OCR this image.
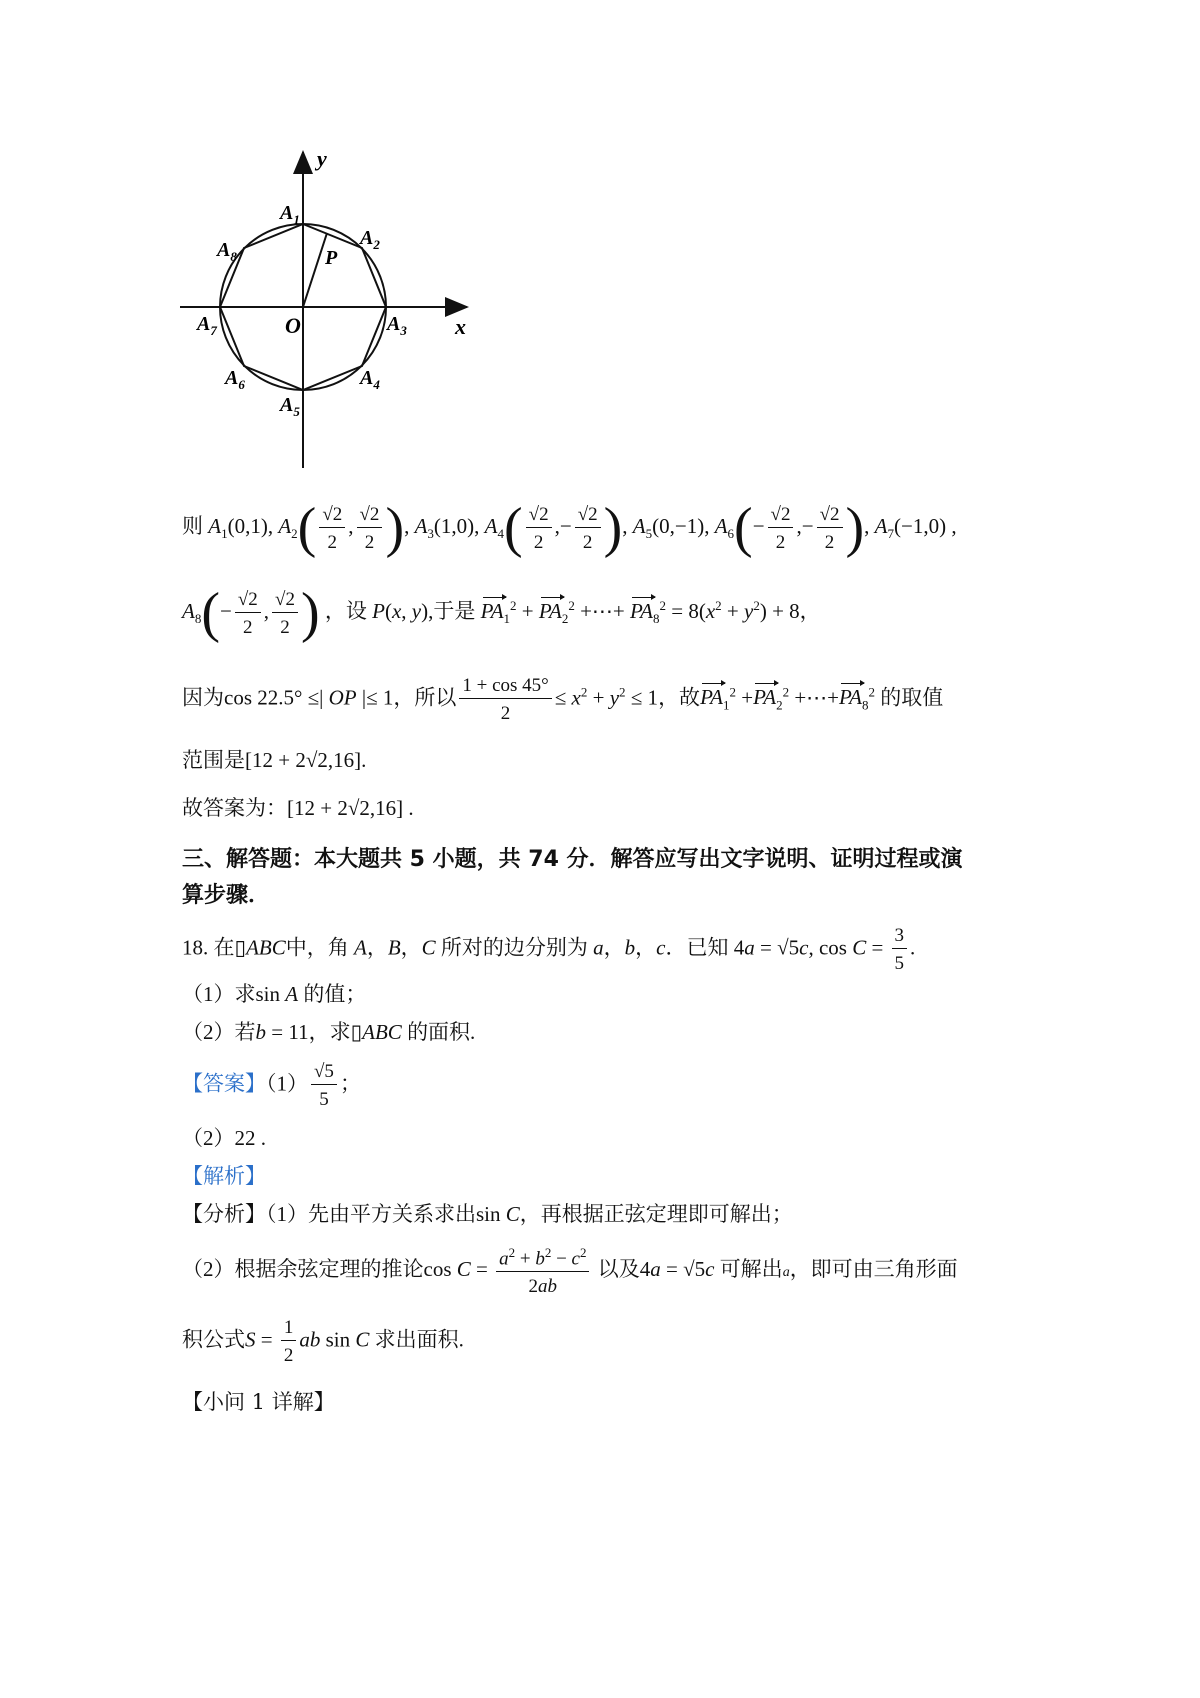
y
x
O
P
$A_1$
$A_2$
$A_3$
$A_4$
$A_5$
$A_6$
$A_7$
$A_8$
则 $A_1(0,1)$, $A_2( \frac{√2}{2}$ , $\frac{√2}{2}$ ), $A_3(1,0)$, $A_4( \frac{√2}{2}$ ,− $\frac{√2}{2}$ ), $A_5(0,-1)$, $A_6(- \frac{√2}{2}$ ,− $\frac{√2}{2}$ ), $A_7(-1,0)$ ,
$A_8(- \frac{√2}{2}$ , $\frac{√2}{2}$ ) ，设 P(x, y),于是 $PA_1^2 + PA_2^2$ +⋯+ $PA_8^2 = 8(x^2 + y^2) + 8$，
因为cos 22.5° ≤| OP |≤ 1，所以 $\frac{1 + \cos 45^\circ}{2} \le x^2 + y^2 \le 1$，故$PA_1^2 +PA_2^2$ $+\cdots+PA_8^2$ 的取值
范围是[12 + 2√2,16].
故答案为：[12 + 2√2,16] .
三、解答题：本大题共 5 小题，共 74 分．解答应写出文字说明、证明过程或演
算步骤．
18. 在▯ABC中，角 A，B，C 所对的边分别为 a，b，c．已知 4a = √5c, $\cos C = \frac{3}{5}$ .
（1）求sin A 的值；
（2）若b = 11，求▯ABC 的面积.
【答案】$(1) \frac{√5}{5}$ ；
（2）22 .
【解析】
【分析】（1）先由平方关系求出sin C，再根据正弦定理即可解出；
（2）根据余弦定理的推论$\cos C = \frac{a^2 + b^2 - c^2}{2ab}$ 以及4a = √5c 可解出a，即可由三角形面
积公式$S = \frac{1}{2}$ ab sin C 求出面积.
【小问 1 详解】
